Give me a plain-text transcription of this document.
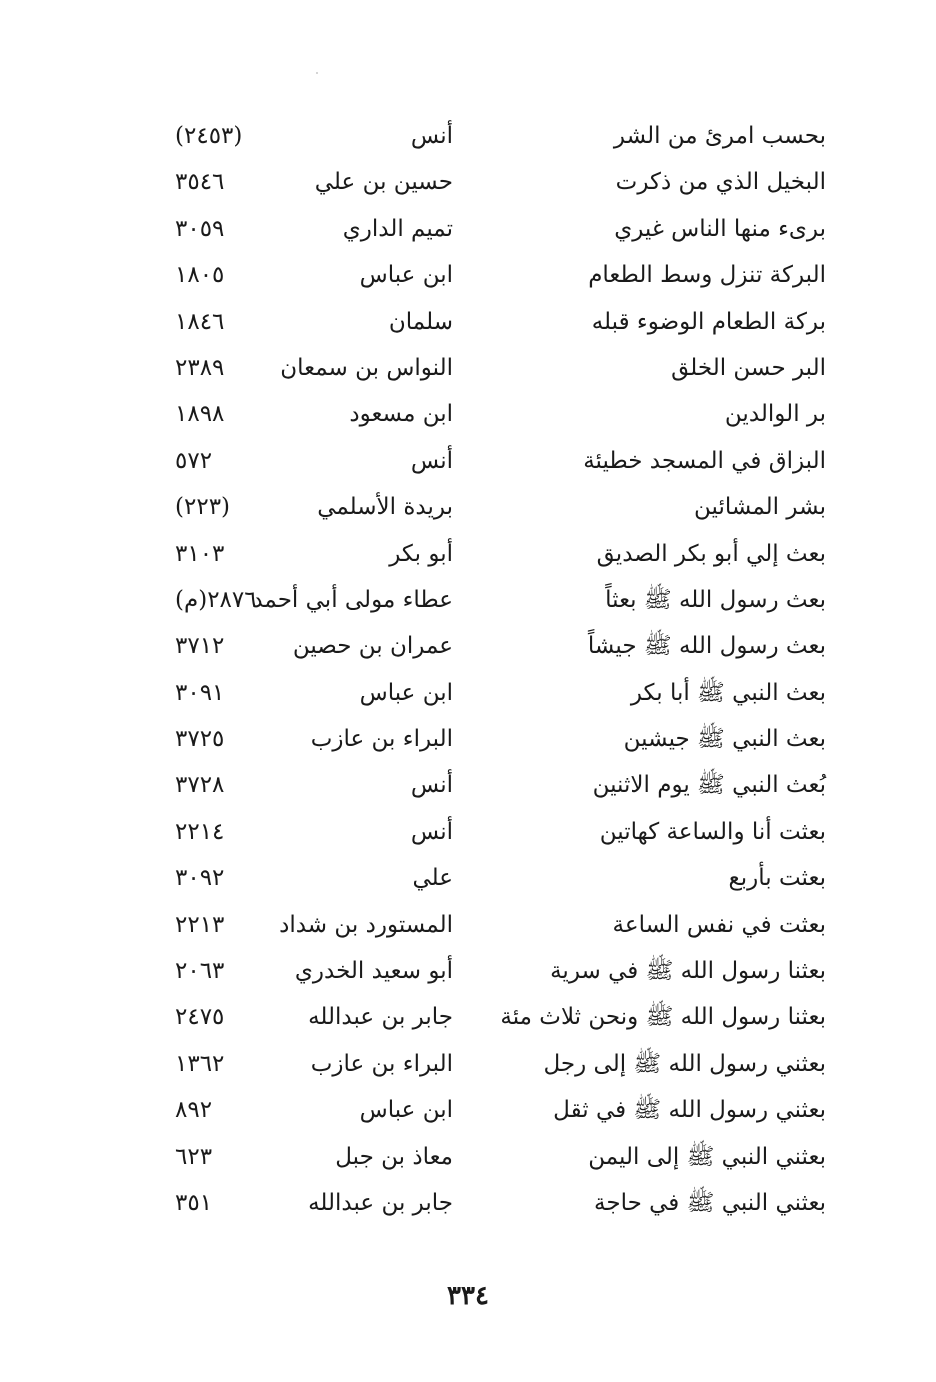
بحسب امرئ من الشر
أنس
(٢٤٥٣)
البخيل الذي من ذكرت
حسين بن علي
٣٥٤٦
برىء منها الناس غيري
تميم الداري
٣٠٥٩
البركة تنزل وسط الطعام
ابن عباس
١٨٠٥
بركة الطعام الوضوء قبله
سلمان
١٨٤٦
البر حسن الخلق
النواس بن سمعان
٢٣٨٩
بر الوالدين
ابن مسعود
١٨٩٨
البزاق في المسجد خطيئة
أنس
٥٧٢
بشر المشائين
بريدة الأسلمي
(٢٢٣)
بعث إلي أبو بكر الصديق
أبو بكر
٣١٠٣
بعث رسول الله ﷺ بعثاً
عطاء مولى أبي أحمد
٢٨٧٦(م)
بعث رسول الله ﷺ جيشاً
عمران بن حصين
٣٧١٢
بعث النبي ﷺ أبا بكر
ابن عباس
٣٠٩١
بعث النبي ﷺ جيشين
البراء بن عازب
٣٧٢٥
بُعث النبي ﷺ يوم الاثنين
أنس
٣٧٢٨
بعثت أنا والساعة كهاتين
أنس
٢٢١٤
بعثت بأربع
علي
٣٠٩٢
بعثت في نفس الساعة
المستورد بن شداد
٢٢١٣
بعثنا رسول الله ﷺ في سرية
أبو سعيد الخدري
٢٠٦٣
بعثنا رسول الله ﷺ ونحن ثلاث مئة
جابر بن عبدالله
٢٤٧٥
بعثني رسول الله ﷺ إلى رجل
البراء بن عازب
١٣٦٢
بعثني رسول الله ﷺ في ثقل
ابن عباس
٨٩٢
بعثني النبي ﷺ إلى اليمن
معاذ بن جبل
٦٢٣
بعثني النبي ﷺ في حاجة
جابر بن عبدالله
٣٥١
٣٣٤
